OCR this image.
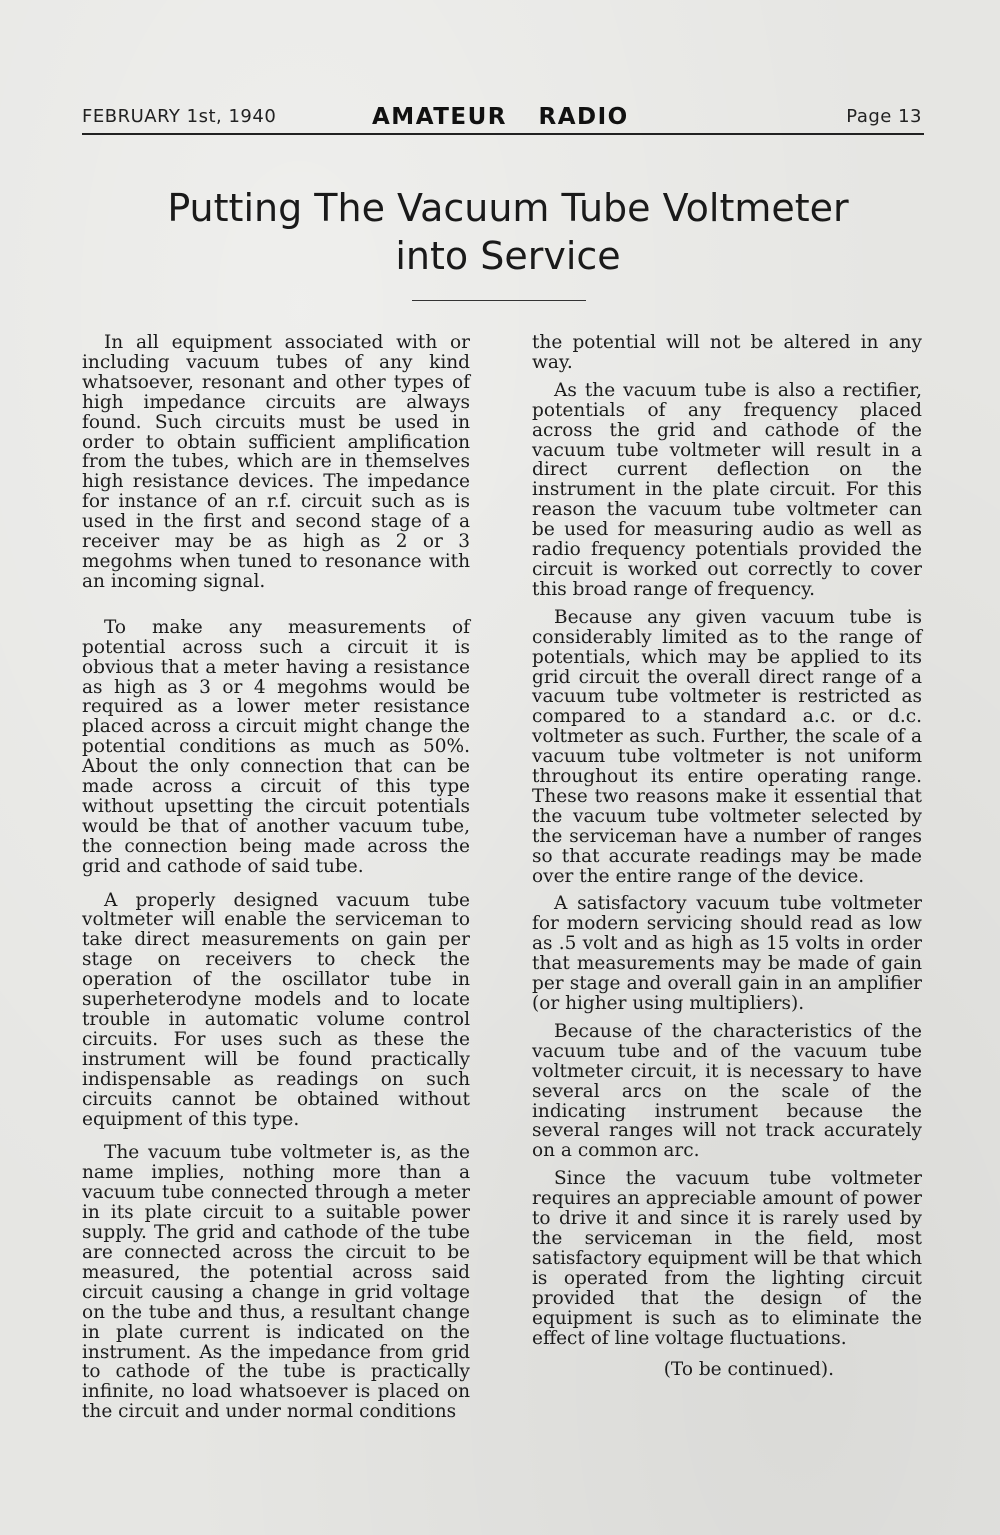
FEBRUARY 1st, 1940	AMATEUR RADIO	Page 13
Putting The Vacuum Tube Voltmeter
into Service

In all equipment associated with or including vacuum tubes of any kind whatsoever, resonant and other types of high impedance circuits are always found. Such circuits must be used in order to obtain sufficient amplification from the tubes, which are in themselves high resistance devices. The impedance for instance of an r.f. circuit such as is used in the first and second stage of a receiver may be as high as 2 or 3 megohms when tuned to resonance with an incoming signal.

To make any measurements of potential across such a circuit it is obvious that a meter having a resistance as high as 3 or 4 megohms would be required as a lower meter resistance placed across a circuit might change the potential conditions as much as 50%. About the only connection that can be made across a circuit of this type without upsetting the circuit potentials would be that of another vacuum tube, the connection being made across the grid and cathode of said tube.

A properly designed vacuum tube voltmeter will enable the serviceman to take direct measurements on gain per stage on receivers to check the operation of the oscillator tube in superheterodyne models and to locate trouble in automatic volume control circuits. For uses such as these the instrument will be found practically indispensable as readings on such circuits cannot be obtained without equipment of this type.

The vacuum tube voltmeter is, as the name implies, nothing more than a vacuum tube connected through a meter in its plate circuit to a suitable power supply. The grid and cathode of the tube are connected across the circuit to be measured, the potential across said circuit causing a change in grid voltage on the tube and thus, a resultant change in plate current is indicated on the instrument. As the impedance from grid to cathode of the tube is practically infinite, no load whatsoever is placed on the circuit and under normal conditions

the potential will not be altered in any way.

As the vacuum tube is also a rectifier, potentials of any frequency placed across the grid and cathode of the vacuum tube voltmeter will result in a direct current deflection on the instrument in the plate circuit. For this reason the vacuum tube voltmeter can be used for measuring audio as well as radio frequency potentials provided the circuit is worked out correctly to cover this broad range of frequency.

Because any given vacuum tube is considerably limited as to the range of potentials, which may be applied to its grid circuit the overall direct range of a vacuum tube voltmeter is restricted as compared to a standard a.c. or d.c. voltmeter as such. Further, the scale of a vacuum tube voltmeter is not uniform throughout its entire operating range. These two reasons make it essential that the vacuum tube voltmeter selected by the serviceman have a number of ranges so that accurate readings may be made over the entire range of the device.

A satisfactory vacuum tube voltmeter for modern servicing should read as low as .5 volt and as high as 15 volts in order that measurements may be made of gain per stage and overall gain in an amplifier (or higher using multipliers).

Because of the characteristics of the vacuum tube and of the vacuum tube voltmeter circuit, it is necessary to have several arcs on the scale of the indicating instrument because the several ranges will not track accurately on a common arc.

Since the vacuum tube voltmeter requires an appreciable amount of power to drive it and since it is rarely used by the serviceman in the field, most satisfactory equipment will be that which is operated from the lighting circuit provided that the design of the equipment is such as to eliminate the effect of line voltage fluctuations.

(To be continued).
